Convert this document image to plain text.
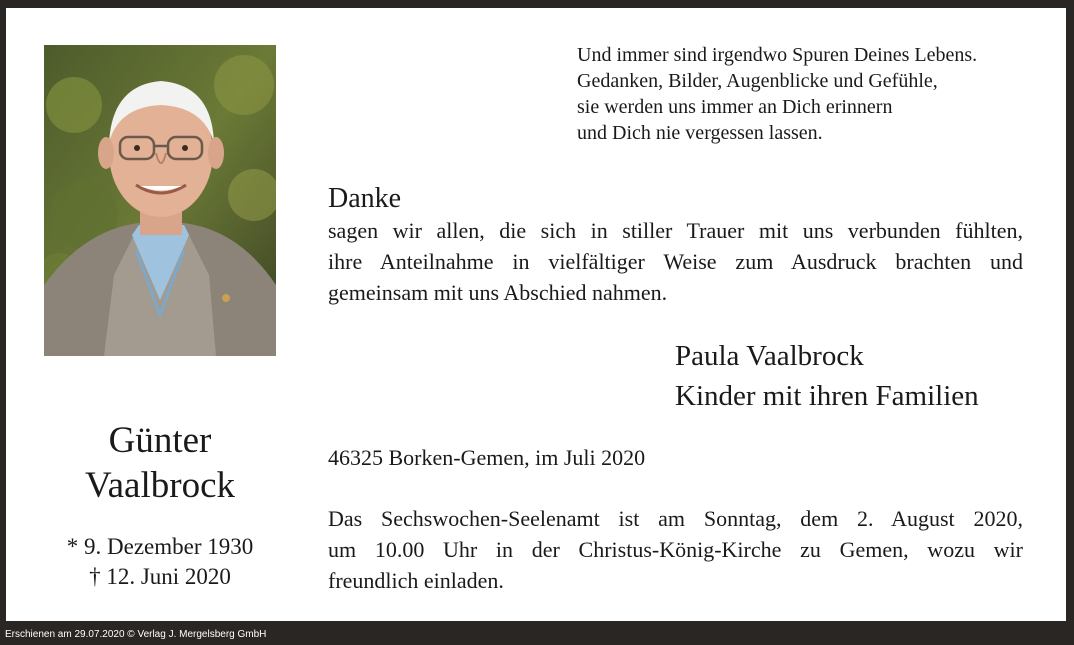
Günter
Vaalbrock
* 9. Dezember 1930
† 12. Juni 2020
Und immer sind irgendwo Spuren Deines Lebens.
Gedanken, Bilder, Augenblicke und Gefühle,
sie werden uns immer an Dich erinnern
und Dich nie vergessen lassen.
Danke
sagen wir allen, die sich in stiller Trauer mit uns verbunden fühlten,
ihre Anteilnahme in vielfältiger Weise zum Ausdruck brachten und
gemeinsam mit uns Abschied nahmen.
Paula Vaalbrock
Kinder mit ihren Familien
46325 Borken-Gemen, im Juli 2020
Das Sechswochen-Seelenamt ist am Sonntag, dem 2. August 2020,
um 10.00 Uhr in der Christus-König-Kirche zu Gemen, wozu wir
freundlich einladen.
Erschienen am 29.07.2020 © Verlag J. Mergelsberg GmbH
